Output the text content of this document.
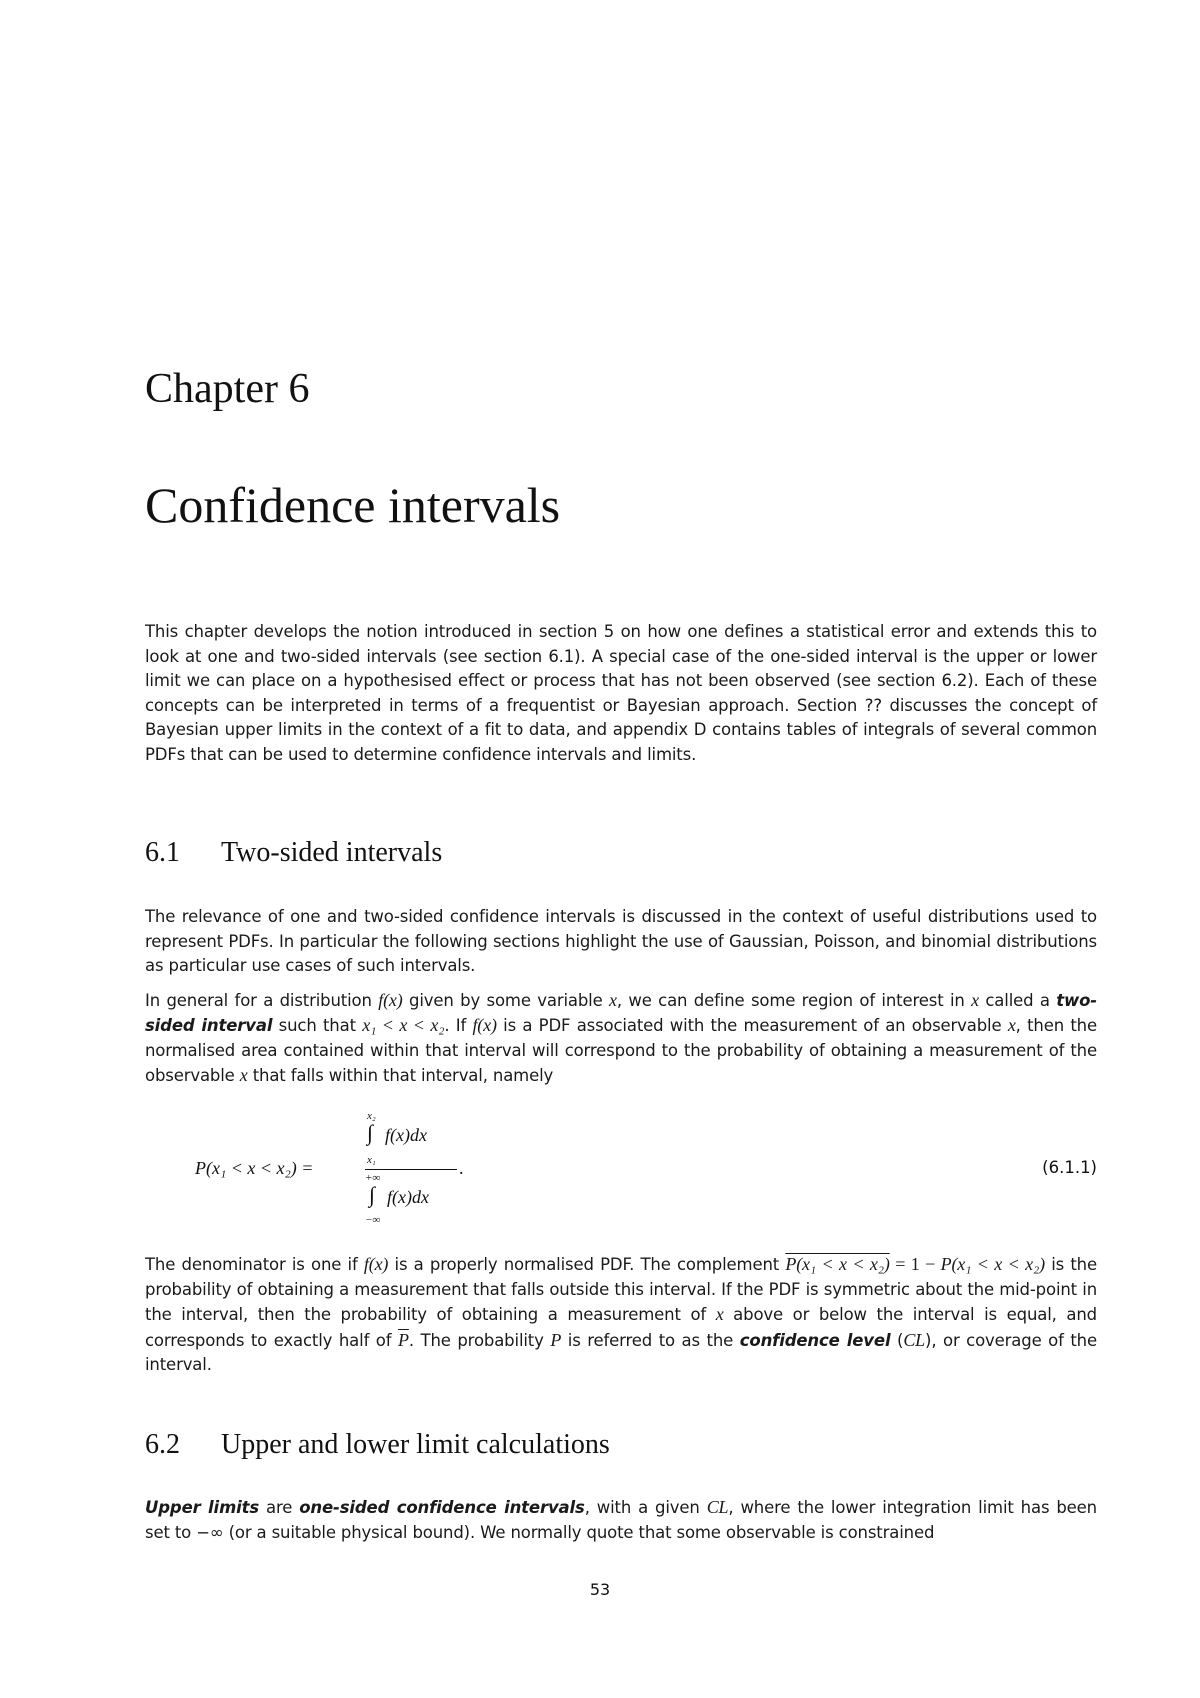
Chapter 6
Confidence intervals

This chapter develops the notion introduced in section 5 on how one defines a statistical error and extends this to look at one and two-sided intervals (see section 6.1). A special case of the one-sided interval is the upper or lower limit we can place on a hypothesised effect or process that has not been observed (see section 6.2). Each of these concepts can be interpreted in terms of a frequentist or Bayesian approach. Section ?? discusses the concept of Bayesian upper limits in the context of a fit to data, and appendix D contains tables of integrals of several common PDFs that can be used to determine confidence intervals and limits.

6.1 Two-sided intervals

The relevance of one and two-sided confidence intervals is discussed in the context of useful distributions used to represent PDFs. In particular the following sections highlight the use of Gaussian, Poisson, and binomial distributions as particular use cases of such intervals.

In general for a distribution f(x) given by some variable x, we can define some region of interest in x called a two-sided interval such that x₁ < x < x₂. If f(x) is a PDF associated with the measurement of an observable x, then the normalised area contained within that interval will correspond to the probability of obtaining a measurement of the observable x that falls within that interval, namely

P(x₁ < x < x₂) =
x₂
∫ f(x)dx
x₁
+∞
∫ f(x)dx
−∞
.	(6.1.1)

The denominator is one if f(x) is a properly normalised PDF. The complement P(x₁ < x < x₂) = 1 − P(x₁ < x < x₂) is the probability of obtaining a measurement that falls outside this interval. If the PDF is symmetric about the mid-point in the interval, then the probability of obtaining a measurement of x above or below the interval is equal, and corresponds to exactly half of $\overline{P}$. The probability P is referred to as the confidence level (CL), or coverage of the interval.

6.2 Upper and lower limit calculations

Upper limits are one-sided confidence intervals, with a given CL, where the lower integration limit has been set to −∞ (or a suitable physical bound). We normally quote that some observable is constrained

53
